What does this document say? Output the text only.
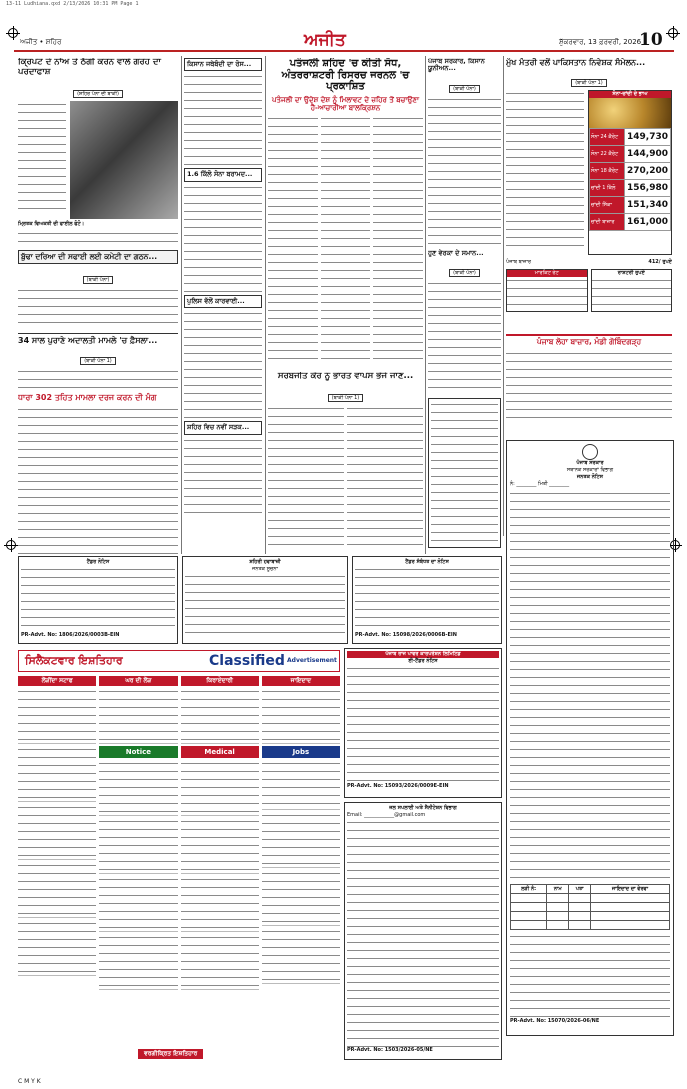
13-11 Ludhiana.qxd 2/13/2026 10:31 PM Page 1
ਅਜੀਤ • ਸ਼ਹਿਰ	ਅਜੀਤ	ਸ਼ੁੱਕਰਵਾਰ, 13 ਫ਼ਰਵਰੀ, 2026
10
ਕ੍ਰਿਪਟੋ ਦੇ ਨਾਂਅ ਤੇ ਠੱਗੀ ਕਰਨ ਵਾਲੇ ਗਰੋਹ ਦਾ ਪਰਦਾਫਾਸ਼
(ਸ਼ਹਿਰ ਪੰਨਾ ਦੀ ਬਾਕੀ)
ਮ੍ਰਿਤਕ ਵਿਅਕਤੀ ਦੀ ਫਾਈਲ ਫੋਟੋ।
ਬੁੱਢਾ ਦਰਿਆ ਦੀ ਸਫਾਈ ਲਈ ਕਮੇਟੀ ਦਾ ਗਠਨ...
(ਬਾਕੀ ਪੰਨਾ)
34 ਸਾਲ ਪੁਰਾਣੇ ਅਦਾਲਤੀ ਮਾਮਲੇ 'ਚ ਫ਼ੈਸਲਾ...
(ਬਾਕੀ ਪੰਨਾ 1)
ਧਾਰਾ 302 ਤਹਿਤ ਮਾਮਲਾ ਦਰਜ ਕਰਨ ਦੀ ਮੰਗ
ਕਿਸਾਨ ਜਥੇਬੰਦੀ ਦਾ ਰੋਸ...
1.6 ਕਿੱਲੋ ਸੋਨਾ ਬਰਾਮਦ...
ਪੁਲਿਸ ਵੱਲੋਂ ਕਾਰਵਾਈ...
ਸ਼ਹਿਰ ਵਿਚ ਨਵੀਂ ਸੜਕ...
ਪਤੰਜਲੀ ਸ਼ਹਿਦ 'ਚ ਕੀਤੀ ਸੋਧ,
ਅੰਤਰਰਾਸ਼ਟਰੀ ਰਿਸਰਚ ਜਰਨਲ 'ਚ ਪ੍ਰਕਾਸ਼ਿਤ
ਪਤੰਜਲੀ ਦਾ ਉਦੇਸ਼ ਦੇਸ਼ ਨੂੰ ਮਿਲਾਵਟ ਦੇ ਜ਼ਹਿਰ ਤੋਂ ਬਚਾਉਣਾ ਹੈ-ਆਚਾਰੀਆ ਬਾਲਕ੍ਰਿਸ਼ਨ
ਪੰਜਾਬ ਸਰਕਾਰ, ਕਿਸਾਨ ਯੂਨੀਅਨ...
(ਬਾਕੀ ਪੰਨਾ)
ਹੁਣ ਵੇਰਕਾ ਦੇ ਸਮਾਨ...
(ਬਾਕੀ ਪੰਨਾ)
ਸਰਬਜੀਤ ਕੌਰ ਨੂੰ ਭਾਰਤ ਵਾਪਸ ਭੇਜੇ ਜਾਣ...
(ਬਾਕੀ ਪੰਨਾ 1)
ਮੁੱਖ ਮੰਤਰੀ ਵਲੋਂ ਪਾਕਿਸਤਾਨ ਨਿਵੇਸ਼ਕ ਸੰਮੇਲਨ...
(ਬਾਕੀ ਪੰਨਾ 1)
ਸੋਨਾ-ਚਾਂਦੀ ਦੇ ਭਾਅ
ਸੋਨਾ 24 ਕੈਰੇਟ	149,730
ਸੋਨਾ 22 ਕੈਰੇਟ	144,900
ਸੋਨਾ 18 ਕੈਰੇਟ	270,200
ਚਾਂਦੀ 1 ਕਿੱਲੋ	156,980
ਚਾਂਦੀ ਸਿੱਕਾ	151,340
ਚਾਂਦੀ ਬਾਜ਼ਾਰ	161,000
ਪੰਜਾਬ ਬਾਜ਼ਾਰ	412/ ਰੁਪਏ
ਮਾਰਕਿਟ ਰੇਟ	ਰਾਸ਼ਟਰੀ ਰੁਪਏ
ਪੰਜਾਬ ਲੋਹਾ ਬਾਜ਼ਾਰ, ਮੰਡੀ ਗੋਬਿੰਦਗੜ੍ਹ
ਪੰਜਾਬ ਸਰਕਾਰ
ਸਥਾਨਕ ਸਰਕਾਰਾਂ ਵਿਭਾਗ
ਜਨਤਕ ਨੋਟਿਸ
ਨੰ: ________ ਮਿਤੀ ________
ਲੜੀ ਨੰ:	ਨਾਮ	ਪਤਾ	ਜਾਇਦਾਦ ਦਾ ਵੇਰਵਾ

PR-Advt. No: 15070/2026-06/NE
ਟੈਂਡਰ ਨੋਟਿਸ
PR-Advt. No: 1806/2026/0003B-EIN
ਸ਼ਹਿਰੀ ਹਵਾਬਾਜ਼ੀ
ਜਨਤਕ ਸੂਚਨਾ
ਟੈਂਡਰ ਸੰਬੰਧਤ ਦਾ ਨੋਟਿਸ
PR-Advt. No: 15098/2026/0006B-EIN
ਸਿਲੈਕਟਵਾਰ ਇਸ਼ਤਿਹਾਰ	Classified Advertisement
ਲੋੜੀਂਦਾ ਸਟਾਫ	ਘਰ ਦੀ ਲੋੜ
Notice
ਕਿਰਾਏਦਾਰੀ
Medical
ਜਾਇਦਾਦ
Jobs
ਵਰਗੀਕ੍ਰਿਤ ਇਸ਼ਤਿਹਾਰ
ਪੰਜਾਬ ਰਾਜ ਪਾਵਰ ਕਾਰਪੋਰੇਸ਼ਨ ਲਿਮਿਟਿਡ
ਈ-ਟੈਂਡਰ ਨੋਟਿਸ
PR-Advt. No: 15093/2026/0009E-EIN
ਜਲ ਸਪਲਾਈ ਅਤੇ ਸੈਨੀਟੇਸ਼ਨ ਵਿਭਾਗ
Email: ____________@gmail.com
PR-Advt. No: 1503/2026-05/NE
C M Y K
